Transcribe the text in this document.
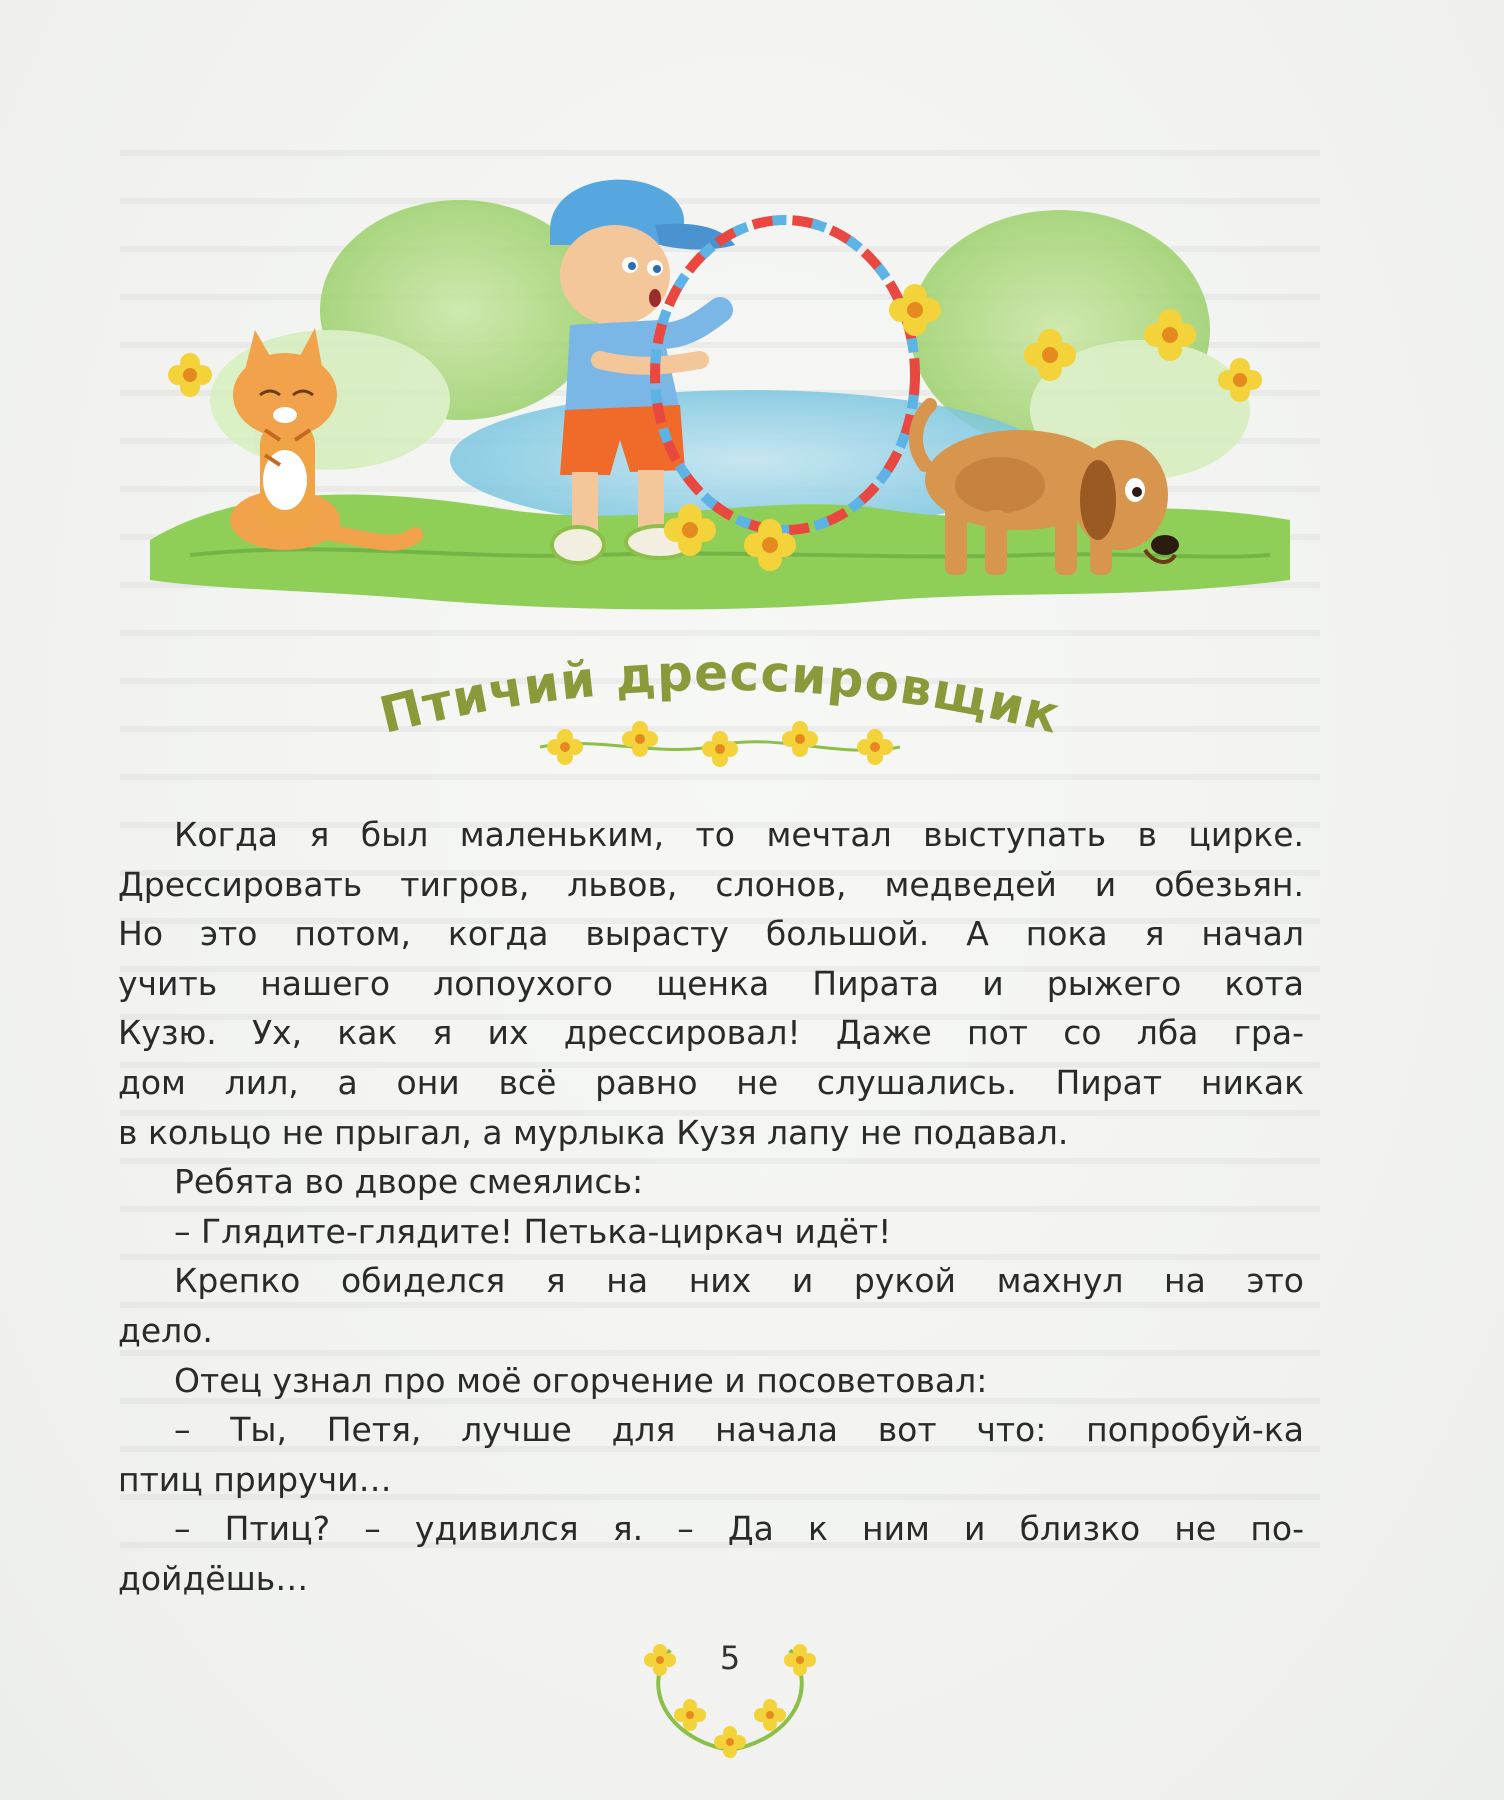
Птичий дрессировщик
Когда я был маленьким, то мечтал выступать в цирке.
Дрессировать тигров, львов, слонов, медведей и обезьян.
Но это потом, когда вырасту большой. А пока я начал
учить нашего лопоухого щенка Пирата и рыжего кота
Кузю. Ух, как я их дрессировал! Даже пот со лба гра-
дом лил, а они всё равно не слушались. Пират никак
в кольцо не прыгал, а мурлыка Кузя лапу не подавал.
Ребята во дворе смеялись:
– Глядите-глядите! Петька-циркач идёт!
Крепко обиделся я на них и рукой махнул на это
дело.
Отец узнал про моё огорчение и посоветовал:
– Ты, Петя, лучше для начала вот что: попробуй-ка
птиц приручи…
– Птиц? – удивился я. – Да к ним и близко не по-
дойдёшь…
5
